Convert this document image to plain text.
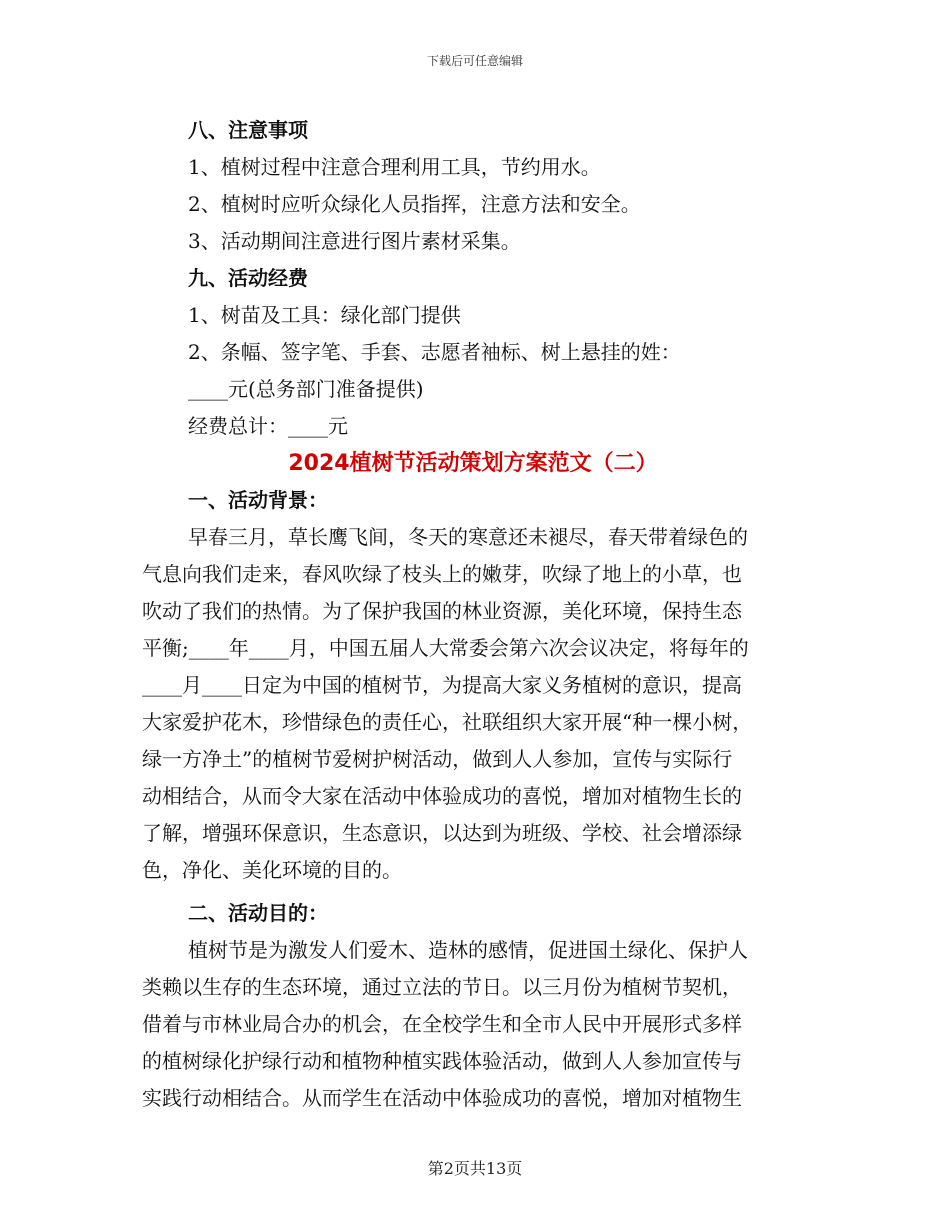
下载后可任意编辑
八、注意事项
1、植树过程中注意合理利用工具，节约用水。
2、植树时应听众绿化人员指挥，注意方法和安全。
3、活动期间注意进行图片素材采集。
九、活动经费
1、树苗及工具：绿化部门提供
2、条幅、签字笔、手套、志愿者袖标、树上悬挂的姓：
____元(总务部门准备提供)
经费总计：____元
2024植树节活动策划方案范文（二）
一、活动背景：
早春三月，草长鹰飞间，冬天的寒意还未褪尽，春天带着绿色的
气息向我们走来，春风吹绿了枝头上的嫩芽，吹绿了地上的小草，也
吹动了我们的热情。为了保护我国的林业资源，美化环境，保持生态
平衡;____年____月，中国五届人大常委会第六次会议决定，将每年的
____月____日定为中国的植树节，为提高大家义务植树的意识，提高
大家爱护花木，珍惜绿色的责任心，社联组织大家开展“种一棵小树，
绿一方净土”的植树节爱树护树活动，做到人人参加，宣传与实际行
动相结合，从而令大家在活动中体验成功的喜悦，增加对植物生长的
了解，增强环保意识，生态意识，以达到为班级、学校、社会增添绿
色，净化、美化环境的目的。
二、活动目的：
植树节是为激发人们爱木、造林的感情，促进国土绿化、保护人
类赖以生存的生态环境，通过立法的节日。以三月份为植树节契机，
借着与市林业局合办的机会，在全校学生和全市人民中开展形式多样
的植树绿化护绿行动和植物种植实践体验活动，做到人人参加宣传与
实践行动相结合。从而学生在活动中体验成功的喜悦，增加对植物生
第2页共13页
